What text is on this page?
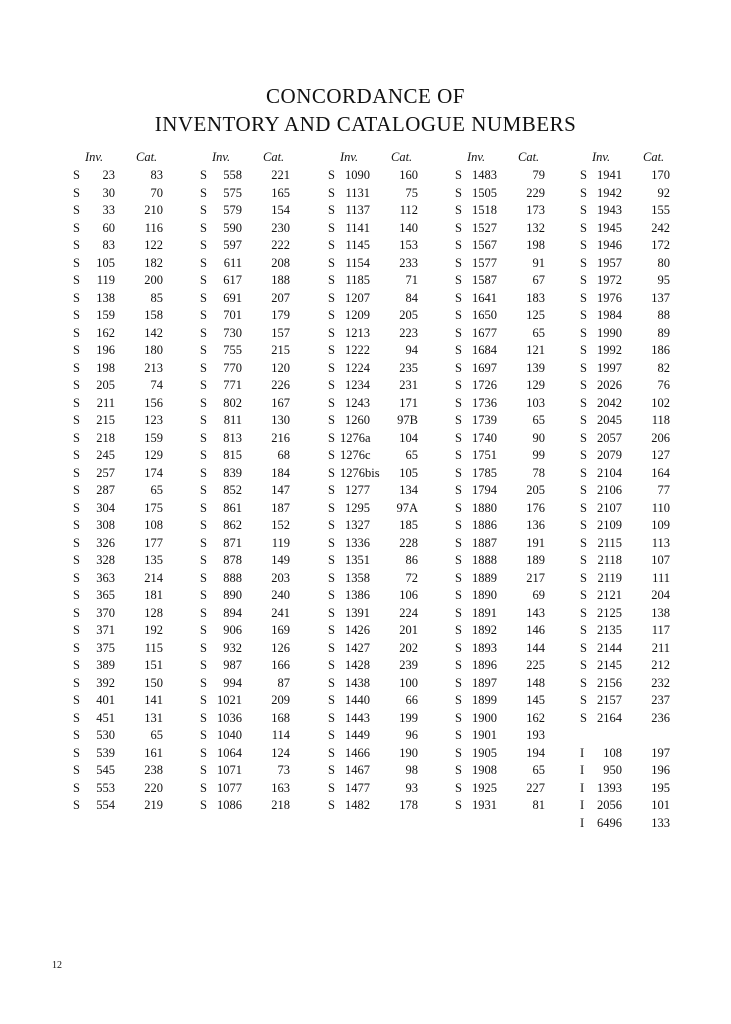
CONCORDANCE OF
INVENTORY AND CATALOGUE NUMBERS
Inv.	Cat.
S	23	83
S	30	70
S	33	210
S	60	116
S	83	122
S	105	182
S	119	200
S	138	85
S	159	158
S	162	142
S	196	180
S	198	213
S	205	74
S	211	156
S	215	123
S	218	159
S	245	129
S	257	174
S	287	65
S	304	175
S	308	108
S	326	177
S	328	135
S	363	214
S	365	181
S	370	128
S	371	192
S	375	115
S	389	151
S	392	150
S	401	141
S	451	131
S	530	65
S	539	161
S	545	238
S	553	220
S	554	219
Inv.	Cat.
S	558	221
S	575	165
S	579	154
S	590	230
S	597	222
S	611	208
S	617	188
S	691	207
S	701	179
S	730	157
S	755	215
S	770	120
S	771	226
S	802	167
S	811	130
S	813	216
S	815	68
S	839	184
S	852	147
S	861	187
S	862	152
S	871	119
S	878	149
S	888	203
S	890	240
S	894	241
S	906	169
S	932	126
S	987	166
S	994	87
S 1021	209
S 1036	168
S 1040	114
S 1064	124
S 1071	73
S 1077	163
S 1086	218
Inv.	Cat.
S 1090	160
S 1131	75
S 1137	112
S 1141	140
S 1145	153
S 1154	233
S 1185	71
S 1207	84
S 1209	205
S 1213	223
S 1222	94
S 1224	235
S 1234	231
S 1243	171
S 1260	97B
S 1276a	104
S 1276c	65
S 1276bis	105
S 1277	134
S 1295	97A
S 1327	185
S 1336	228
S 1351	86
S 1358	72
S 1386	106
S 1391	224
S 1426	201
S 1427	202
S 1428	239
S 1438	100
S 1440	66
S 1443	199
S 1449	96
S 1466	190
S 1467	98
S 1477	93
S 1482	178
Inv.	Cat.
S 1483	79
S 1505	229
S 1518	173
S 1527	132
S 1567	198
S 1577	91
S 1587	67
S 1641	183
S 1650	125
S 1677	65
S 1684	121
S 1697	139
S 1726	129
S 1736	103
S 1739	65
S 1740	90
S 1751	99
S 1785	78
S 1794	205
S 1880	176
S 1886	136
S 1887	191
S 1888	189
S 1889	217
S 1890	69
S 1891	143
S 1892	146
S 1893	144
S 1896	225
S 1897	148
S 1899	145
S 1900	162
S 1901	193
S 1905	194
S 1908	65
S 1925	227
S 1931	81
Inv.	Cat.
S 1941	170
S 1942	92
S 1943	155
S 1945	242
S 1946	172
S 1957	80
S 1972	95
S 1976	137
S 1984	88
S 1990	89
S 1992	186
S 1997	82
S 2026	76
S 2042	102
S 2045	118
S 2057	206
S 2079	127
S 2104	164
S 2106	77
S 2107	110
S 2109	109
S 2115	113
S 2118	107
S 2119	111
S 2121	204
S 2125	138
S 2135	117
S 2144	211
S 2145	212
S 2156	232
S 2157	237
S 2164	236
I	108	197
I	950	196
I	1393	195
I	2056	101
I	6496	133
12
